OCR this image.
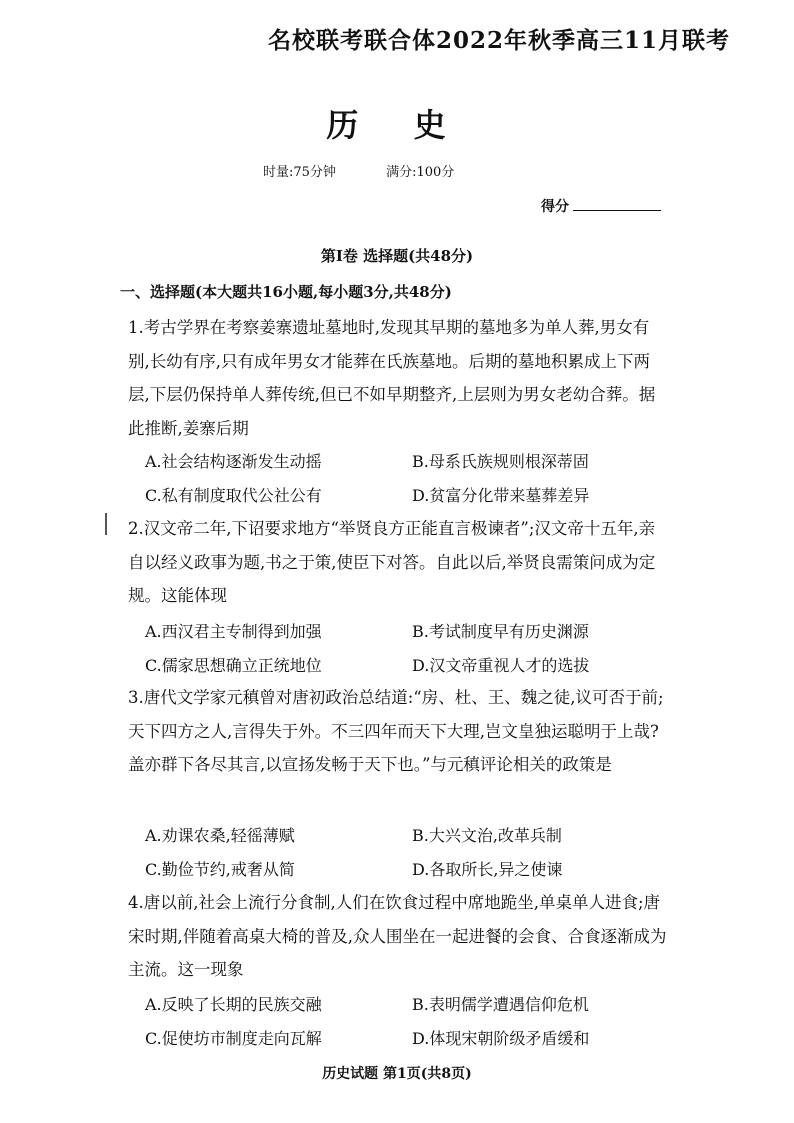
名校联考联合体2022年秋季高三11月联考
历 史
时量:75分钟	满分:100分
得分
第Ⅰ卷 选择题(共48分)
一、选择题(本大题共16小题,每小题3分,共48分)

1.考古学界在考察姜寨遗址墓地时,发现其早期的墓地多为单人葬,男女有别,长幼有序,只有成年男女才能葬在氏族墓地。后期的墓地积累成上下两层,下层仍保持单人葬传统,但已不如早期整齐,上层则为男女老幼合葬。据此推断,姜寨后期

A.社会结构逐渐发生动摇	B.母系氏族规则根深蒂固
C.私有制度取代公社公有	D.贫富分化带来墓葬差异

2.汉文帝二年,下诏要求地方“举贤良方正能直言极谏者”;汉文帝十五年,亲自以经义政事为题,书之于策,使臣下对答。自此以后,举贤良需策问成为定规。这能体现

A.西汉君主专制得到加强	B.考试制度早有历史渊源
C.儒家思想确立正统地位	D.汉文帝重视人才的选拔

3.唐代文学家元稹曾对唐初政治总结道:“房、杜、王、魏之徒,议可否于前;天下四方之人,言得失于外。不三四年而天下大理,岂文皇独运聪明于上哉?盖亦群下各尽其言,以宣扬发畅于天下也。”与元稹评论相关的政策是

A.劝课农桑,轻徭薄赋	B.大兴文治,改革兵制
C.勤俭节约,戒奢从简	D.各取所长,异之使谏

4.唐以前,社会上流行分食制,人们在饮食过程中席地跪坐,单桌单人进食;唐宋时期,伴随着高桌大椅的普及,众人围坐在一起进餐的会食、合食逐渐成为主流。这一现象

A.反映了长期的民族交融	B.表明儒学遭遇信仰危机
C.促使坊市制度走向瓦解	D.体现宋朝阶级矛盾缓和
历史试题 第1页(共8页)
